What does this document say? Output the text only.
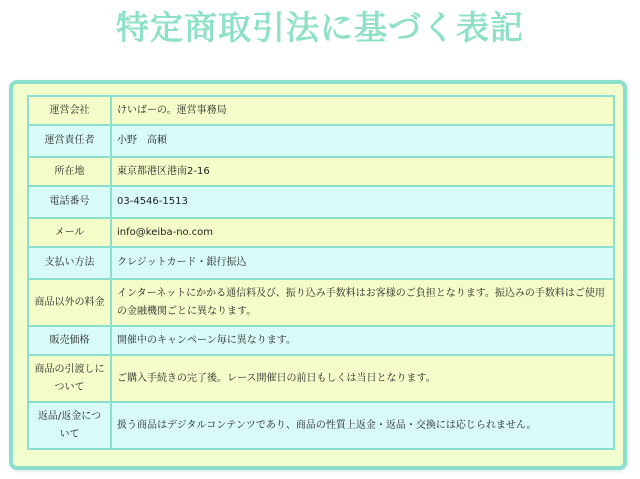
特定商取引法に基づく表記
運営会社	けいばーの。運営事務局
運営責任者	小野　高頼
所在地	東京都港区港南2-16
電話番号	03-4546-1513
メール	info@keiba-no.com
支払い方法	クレジットカード・銀行振込
商品以外の料金	インターネットにかかる通信料及び、振り込み手数料はお客様のご負担となります。振込みの手数料はご使用の金融機関ごとに異なります。
販売価格	開催中のキャンペーン毎に異なります。
商品の引渡しについて	ご購入手続きの完了後。レース開催日の前日もしくは当日となります。
返品/返金について	扱う商品はデジタルコンテンツであり、商品の性質上返金・返品・交換には応じられません。
